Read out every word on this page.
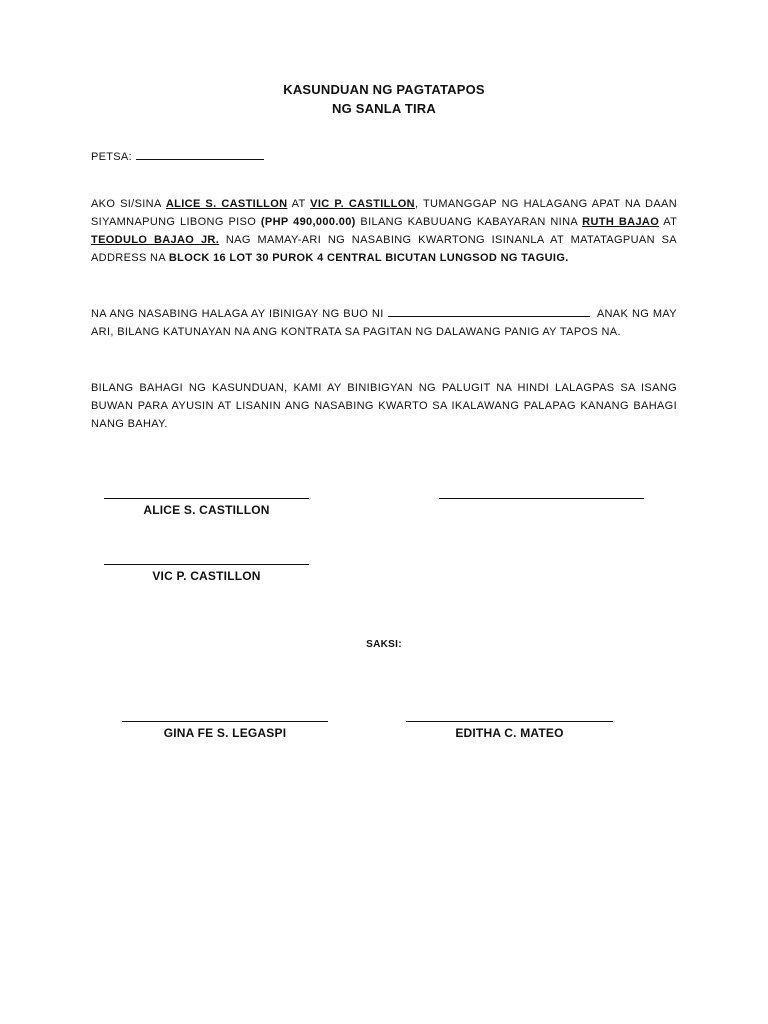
KASUNDUAN NG PAGTATAPOS
NG SANLA TIRA
PETSA:
AKO SI/SINA ALICE S. CASTILLON AT VIC P. CASTILLON, TUMANGGAP NG HALAGANG APAT NA DAAN SIYAMNAPUNG LIBONG PISO (PHP 490,000.00) BILANG KABUUANG KABAYARAN NINA RUTH BAJAO AT TEODULO BAJAO JR. NAG MAMAY-ARI NG NASABING KWARTONG ISINANLA AT MATATAGPUAN SA ADDRESS NA BLOCK 16 LOT 30 PUROK 4 CENTRAL BICUTAN LUNGSOD NG TAGUIG.
NA ANG NASABING HALAGA AY IBINIGAY NG BUO NI	ANAK NG MAY ARI, BILANG KATUNAYAN NA ANG KONTRATA SA PAGITAN NG DALAWANG PANIG AY TAPOS NA.
BILANG BAHAGI NG KASUNDUAN, KAMI AY BINIBIGYAN NG PALUGIT NA HINDI LALAGPAS SA ISANG BUWAN PARA AYUSIN AT LISANIN ANG NASABING KWARTO SA IKALAWANG PALAPAG KANANG BAHAGI NANG BAHAY.
ALICE S. CASTILLON
VIC P. CASTILLON
SAKSI:
GINA FE S. LEGASPI	EDITHA C. MATEO
